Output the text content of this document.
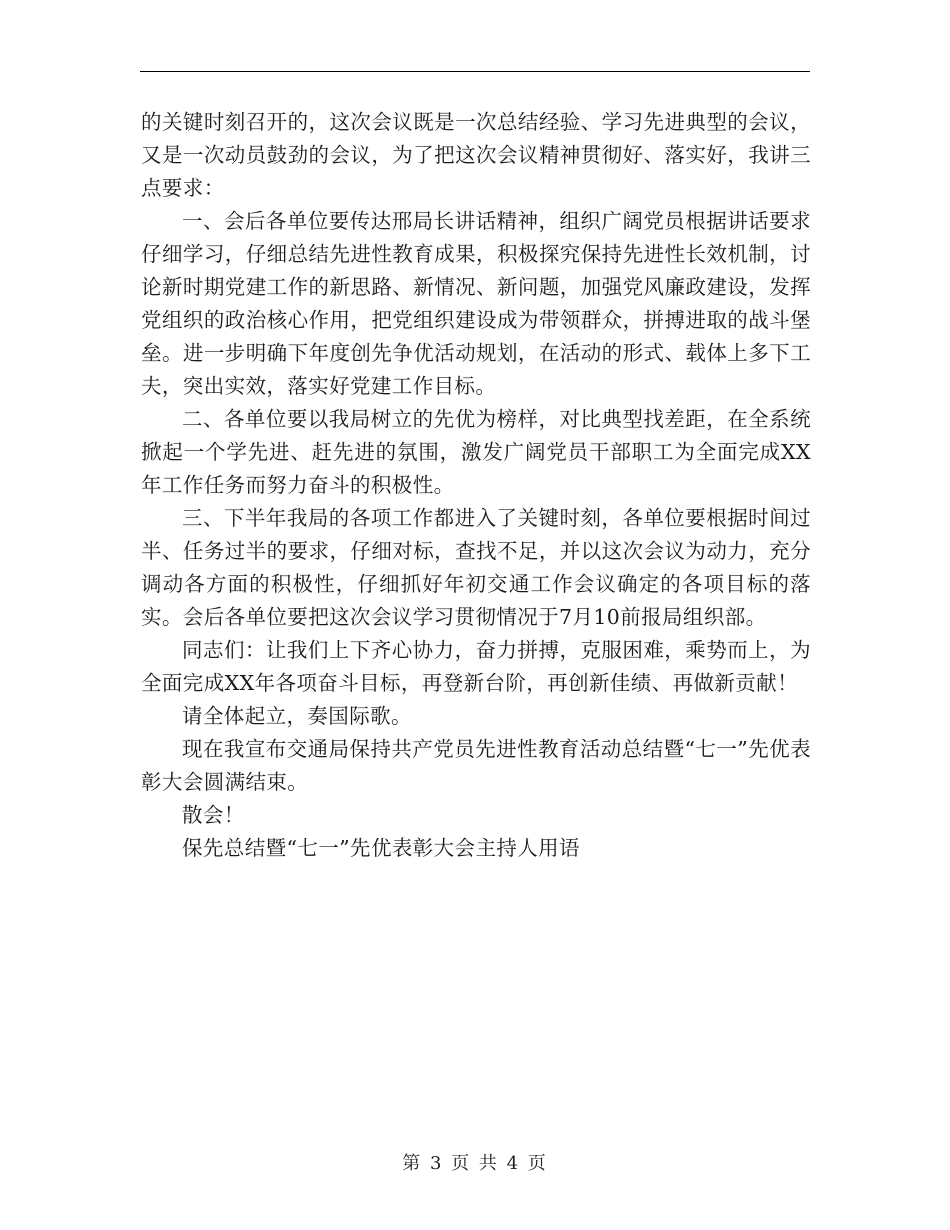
的关键时刻召开的，这次会议既是一次总结经验、学习先进典型的会议，又是一次动员鼓劲的会议，为了把这次会议精神贯彻好、落实好，我讲三点要求：

一、会后各单位要传达邢局长讲话精神，组织广阔党员根据讲话要求仔细学习，仔细总结先进性教育成果，积极探究保持先进性长效机制，讨论新时期党建工作的新思路、新情况、新问题，加强党风廉政建设，发挥党组织的政治核心作用，把党组织建设成为带领群众，拼搏进取的战斗堡垒。进一步明确下年度创先争优活动规划，在活动的形式、载体上多下工夫，突出实效，落实好党建工作目标。

二、各单位要以我局树立的先优为榜样，对比典型找差距，在全系统掀起一个学先进、赶先进的氛围，激发广阔党员干部职工为全面完成XX年工作任务而努力奋斗的积极性。

三、下半年我局的各项工作都进入了关键时刻，各单位要根据时间过半、任务过半的要求，仔细对标，查找不足，并以这次会议为动力，充分调动各方面的积极性，仔细抓好年初交通工作会议确定的各项目标的落实。会后各单位要把这次会议学习贯彻情况于7月10前报局组织部。

同志们：让我们上下齐心协力，奋力拼搏，克服困难，乘势而上，为全面完成XX年各项奋斗目标，再登新台阶，再创新佳绩、再做新贡献！

请全体起立，奏国际歌。

现在我宣布交通局保持共产党员先进性教育活动总结暨“七一”先优表彰大会圆满结束。

散会！

保先总结暨“七一”先优表彰大会主持人用语

第 3 页 共 4 页
